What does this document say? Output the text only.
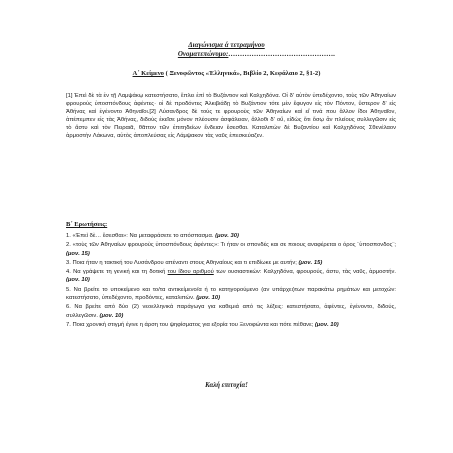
Διαγώνισμα ά τετραμήνου
Ονοματεπώνυμο:……………………………………….
Α΄ Κείμενο ( Ξενοφῶντος «Ἑλληνικά», Βιβλίο 2, Κεφάλαιο 2, §1-2)
[1] Ἐπεὶ δὲ τὰ ἐν τῇ Λαμψάκῳ κατεστήσατο, ἔπλει ἐπὶ τὸ Βυζάντιον καὶ Καλχηδόνα. Οἱ δ' αὐτὸν ὑπεδέχοντο, τοὺς τῶν Ἀθηναίων φρουροὺς ὑποσπόνδους ἀφέντες· οἱ δὲ προδόντες Ἀλκιβιάδῃ τὸ Βυζάντιον τότε μὲν ἔφυγον εἰς τὸν Πόντον, ὕστερον δ' εἰς Ἀθήνας καὶ ἐγένοντο Ἀθηναῖοι.[2] Λύσανδρος δὲ τούς τε φρουροὺς τῶν Ἀθηναίων καὶ εἴ τινά που ἄλλον ἴδοι Ἀθηναῖον, ἀπέπεμπεν εἰς τὰς Ἀθήνας, διδοὺς ἐκεῖσε μόνον πλέουσιν ἀσφάλειαν, ἄλλοθι δ' οὔ, εἰδὼς ὅτι ὅσῳ ἂν πλείους συλλεγῶσιν εἰς τὸ ἄστυ καὶ τὸν Πειραιᾶ, θᾶττον τῶν ἐπιτηδείων ἔνδειαν ἔσεσθαι. Καταλιπὼν δὲ Βυζαντίου καὶ Καλχηδόνος Σθενέλαον ἁρμοστὴν Λάκωνα, αὐτὸς ἀποπλεύσας εἰς Λάμψακον τὰς ναῦς ἐπεσκεύαζεν.
Β΄ Ερωτήσεις:
1. «Ἐπεὶ δὲ… ἔσεσθαι»: Να μεταφράσετε το απόσπασμα. (μον. 30)
2. «τοὺς τῶν Ἀθηναίων φρουροὺς ὑποσπόνδους ἀφέντες»: Τι ήταν οι σπονδές και σε ποιους αναφέρεται ο όρος ¨ὑποσπονδος¨; (μον. 15)
3. Ποια ήταν η τακτική του Λυσάνδρου απέναντι στους Αθηναίους και τι επιδίωκε με αυτήν; (μον. 15)
4. Να γράψετε τη γενική και τη δοτική του ίδιου αριθμού των ουσιαστικών: Καλχηδόνα, φρουρούς, άστυ, τὰς ναῦς, ἁρμοστήν. (μον. 10)
5. Να βρείτε το υποκείμενο και το/τα αντικείμενο/α ή το κατηγορούμενο (αν υπάρχει)των παρακάτω ρημάτων και μετοχών: κατεστήσατο, ὑπεδέχοντο, προδόντες, καταλιπών. (μον. 10)
6. Να βρείτε από δύο (2) νεοελληνικά παράγωγα για καθεμιά από τις λέξεις: κατεστήσατο, ἀφέντες, ἐγένοντο, διδούς, συλλεγῶσιν. (μον. 10)
7. Ποια χρονική στιγμή έγινε η άρση του ψηφίσματος για εξορία του Ξενοφώντα και πότε πέθανε; (μον. 10)
Καλή επιτυχία!
